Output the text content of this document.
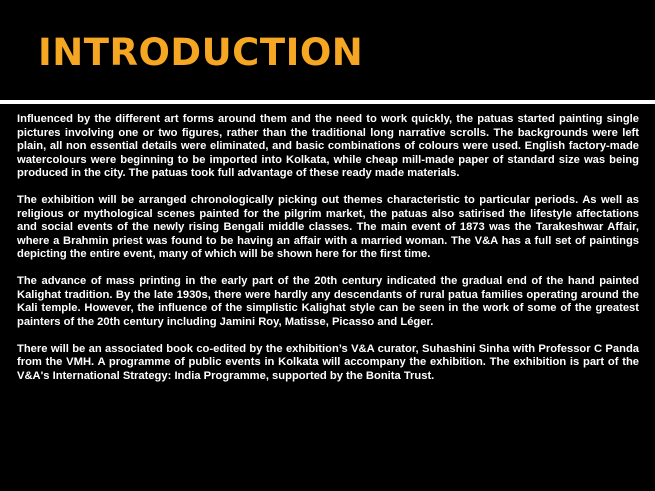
INTRODUCTION

Influenced by the different art forms around them and the need to work quickly, the patuas started painting single pictures involving one or two figures, rather than the traditional long narrative scrolls. The backgrounds were left plain, all non essential details were eliminated, and basic combinations of colours were used. English factory-made watercolours were beginning to be imported into Kolkata, while cheap mill-made paper of standard size was being produced in the city. The patuas took full advantage of these ready made materials.

The exhibition will be arranged chronologically picking out themes characteristic to particular periods. As well as religious or mythological scenes painted for the pilgrim market, the patuas also satirised the lifestyle affectations and social events of the newly rising Bengali middle classes. The main event of 1873 was the Tarakeshwar Affair, where a Brahmin priest was found to be having an affair with a married woman. The V&A has a full set of paintings depicting the entire event, many of which will be shown here for the first time.

The advance of mass printing in the early part of the 20th century indicated the gradual end of the hand painted Kalighat tradition. By the late 1930s, there were hardly any descendants of rural patua families operating around the Kali temple. However, the influence of the simplistic Kalighat style can be seen in the work of some of the greatest painters of the 20th century including Jamini Roy, Matisse, Picasso and Léger.

There will be an associated book co-edited by the exhibition’s V&A curator, Suhashini Sinha with Professor C Panda from the VMH. A programme of public events in Kolkata will accompany the exhibition. The exhibition is part of the V&A's International Strategy: India Programme, supported by the Bonita Trust.
